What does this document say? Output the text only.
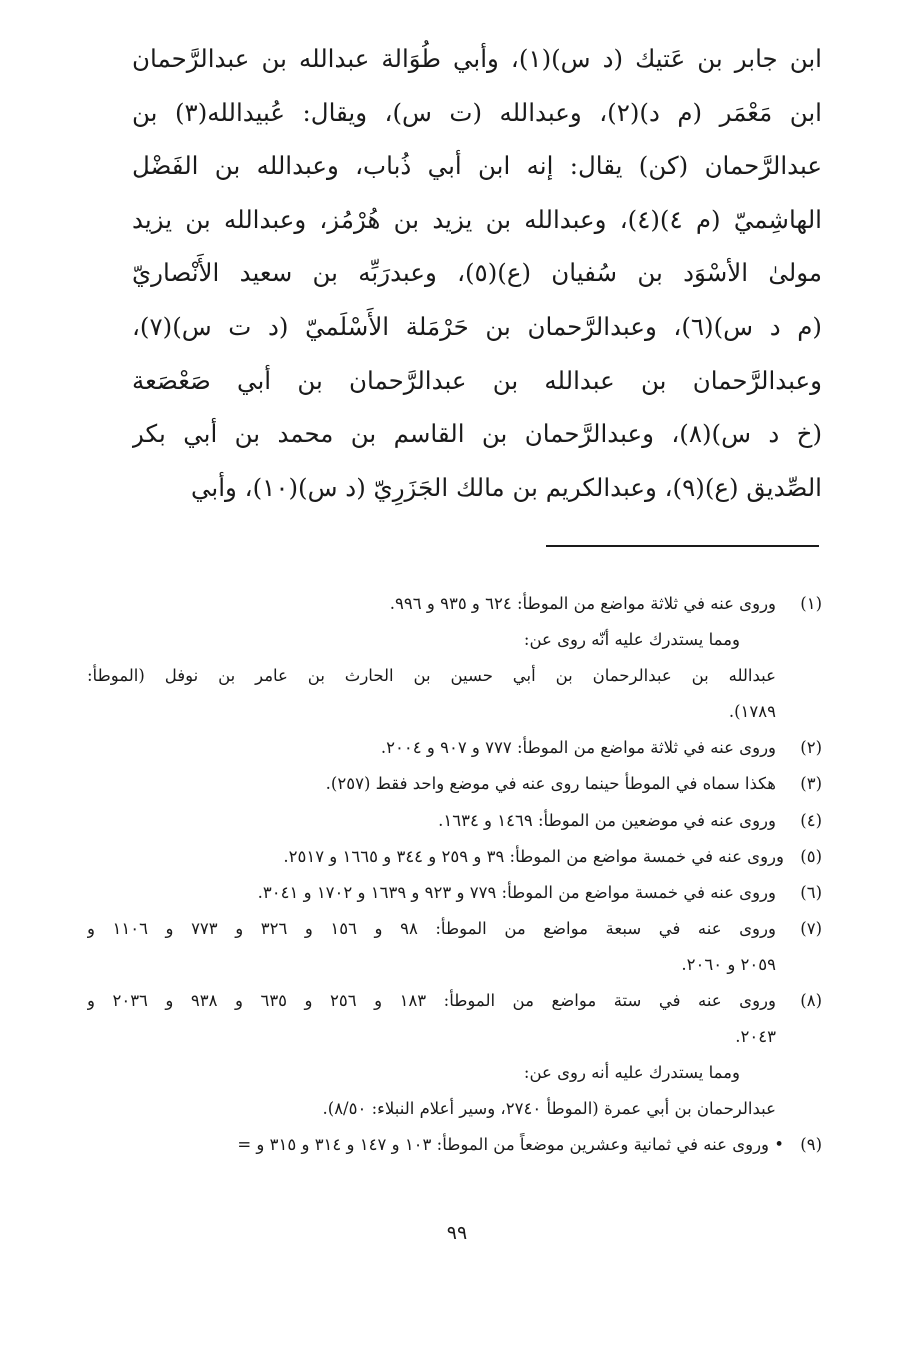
ابن جابر بن عَتيك (د س)(١)، وأبي طُوَالة عبدالله بن عبدالرَّحمان
ابن مَعْمَر (م د)(٢)، وعبدالله (ت س)، ويقال: عُبيدالله(٣) بن
عبدالرَّحمان (كن) يقال: إنه ابن أبي ذُباب، وعبدالله بن الفَضْل
الهاشِميّ (م ٤)(٤)، وعبدالله بن يزيد بن هُرْمُز، وعبدالله بن يزيد
مولىٰ الأسْوَد بن سُفيان (ع)(٥)، وعبدرَبِّه بن سعيد الأَنْصاريّ
(م د س)(٦)، وعبدالرَّحمان بن حَرْمَلة الأَسْلَميّ (د ت س)(٧)،
وعبدالرَّحمان بن عبدالله بن عبدالرَّحمان بن أبي صَعْصَعة
(خ د س)(٨)، وعبدالرَّحمان بن القاسم بن محمد بن أبي بكر
الصِّديق (ع)(٩)، وعبدالكريم بن مالك الجَزَرِيّ (د س)(١٠)، وأبي
(١)
وروى عنه في ثلاثة مواضع من الموطأ: ٦٢٤ و ٩٣٥ و ٩٩٦.
ومما يستدرك عليه أنّه روى عن:
عبدالله بن عبدالرحمان بن أبي حسين بن الحارث بن عامر بن نوفل (الموطأ:
١٧٨٩).
(٢)
وروى عنه في ثلاثة مواضع من الموطأ: ٧٧٧ و ٩٠٧ و ٢٠٠٤.
(٣)
هكذا سماه في الموطأ حينما روى عنه في موضع واحد فقط (٢٥٧).
(٤)
وروى عنه في موضعين من الموطأ: ١٤٦٩ و ١٦٣٤.
(٥)
وروى عنه في خمسة مواضع من الموطأ: ٣٩ و ٢٥٩ و ٣٤٤ و ١٦٦٥ و ٢٥١٧.
(٦)
وروى عنه في خمسة مواضع من الموطأ: ٧٧٩ و ٩٢٣ و ١٦٣٩ و ١٧٠٢ و ٣٠٤١.
(٧)
وروى عنه في سبعة مواضع من الموطأ: ٩٨ و ١٥٦ و ٣٢٦ و ٧٧٣ و ١١٠٦ و
٢٠٥٩ و ٢٠٦٠.
(٨)
وروى عنه في ستة مواضع من الموطأ: ١٨٣ و ٢٥٦ و ٦٣٥ و ٩٣٨ و ٢٠٣٦ و
٢٠٤٣.
ومما يستدرك عليه أنه روى عن:
عبدالرحمان بن أبي عمرة (الموطأ ٢٧٤٠، وسير أعلام النبلاء: ٨/٥٠).
(٩)
• وروى عنه في ثمانية وعشرين موضعاً من الموطأ: ١٠٣ و ١٤٧ و ٣١٤ و ٣١٥ و =
٩٩
